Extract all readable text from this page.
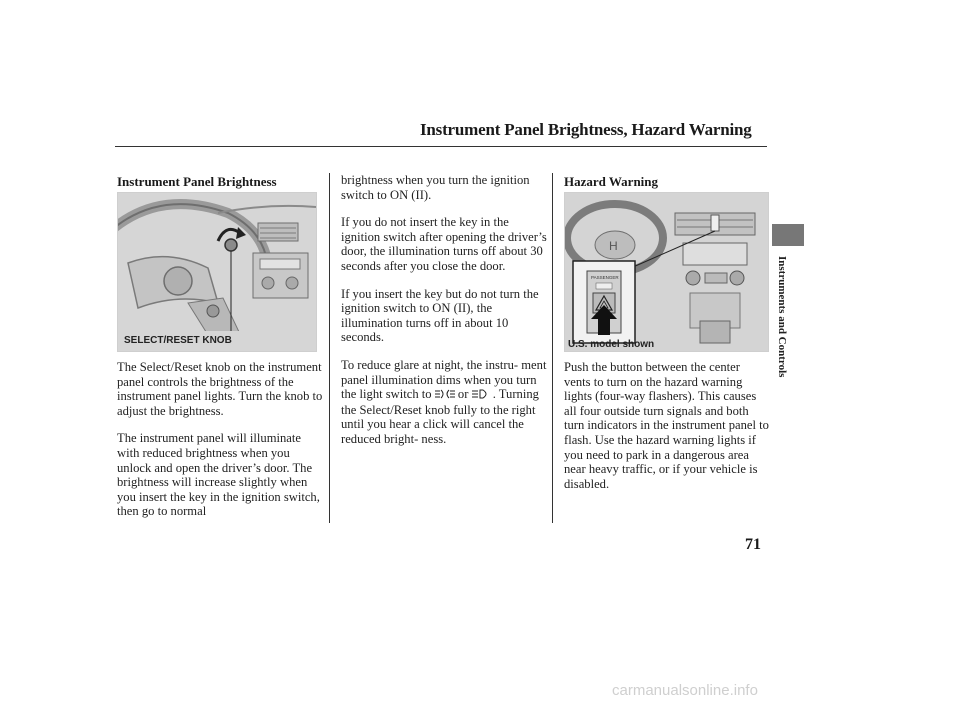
Instrument Panel Brightness, Hazard Warning
Instrument Panel Brightness
SELECT/RESET KNOB

The Select/Reset knob on the instrument panel controls the brightness of the instrument panel lights. Turn the knob to adjust the brightness.

The instrument panel will illuminate with reduced brightness when you unlock and open the driver’s door. The brightness will increase slightly when you insert the key in the ignition switch, then go to normal

brightness when you turn the ignition switch to ON (II).

If you do not insert the key in the ignition switch after opening the driver’s door, the illumination turns off about 30 seconds after you close the door.

If you insert the key but do not turn the ignition switch to ON (II), the illumination turns off in about 10 seconds.

To reduce glare at night, the instru- ment panel illumination dims when you turn the light switch to or . Turning the Select/Reset knob fully to the right until you hear a click will cancel the reduced bright- ness.

Hazard Warning
H
PASSENGER
U.S. model shown

Push the button between the center vents to turn on the hazard warning lights (four-way flashers). This causes all four outside turn signals and both turn indicators in the instrument panel to flash. Use the hazard warning lights if you need to park in a dangerous area near heavy traffic, or if your vehicle is disabled.

Instruments and Controls
71
carmanualsonline.info
